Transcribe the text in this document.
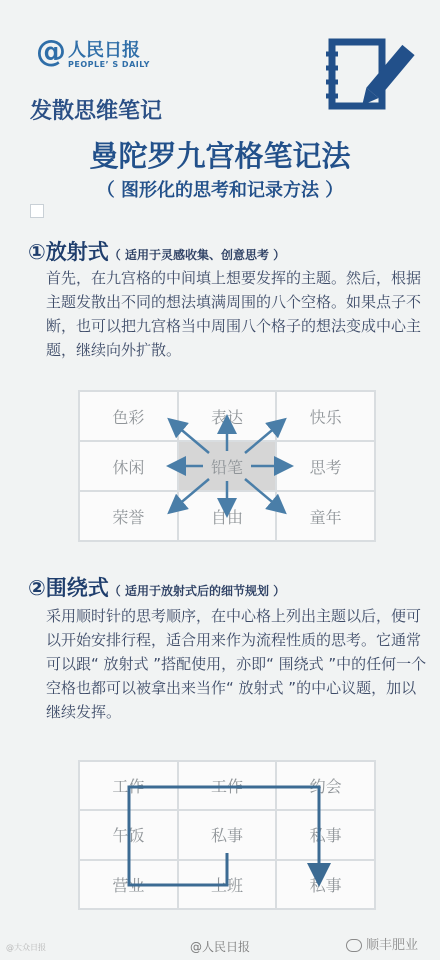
@ 人民日报
PEOPLE’ S DAILY
发散思维笔记
曼陀罗九宫格笔记法
（ 图形化的思考和记录方法 ）
①放射式（ 适用于灵感收集、创意思考 ）
首先，在九宫格的中间填上想要发挥的主题。然后，根据主题发散出不同的想法填满周围的八个空格。如果点子不断，也可以把九宫格当中周围八个格子的想法变成中心主题，继续向外扩散。
色彩	表达	快乐
休闲	铅笔	思考
荣誉	自由	童年
②围绕式（ 适用于放射式后的细节规划 ）
采用顺时针的思考顺序，在中心格上列出主题以后，便可以开始安排行程，适合用来作为流程性质的思考。它通常可以跟“ 放射式 ”搭配使用，亦即“ 围绕式 ”中的任何一个空格也都可以被拿出来当作“ 放射式 ”的中心议题，加以继续发挥。
工作	工作	约会
午饭	私事	私事
营业	上班	私事
@大众日报	@人民日报	顺丰肥业
